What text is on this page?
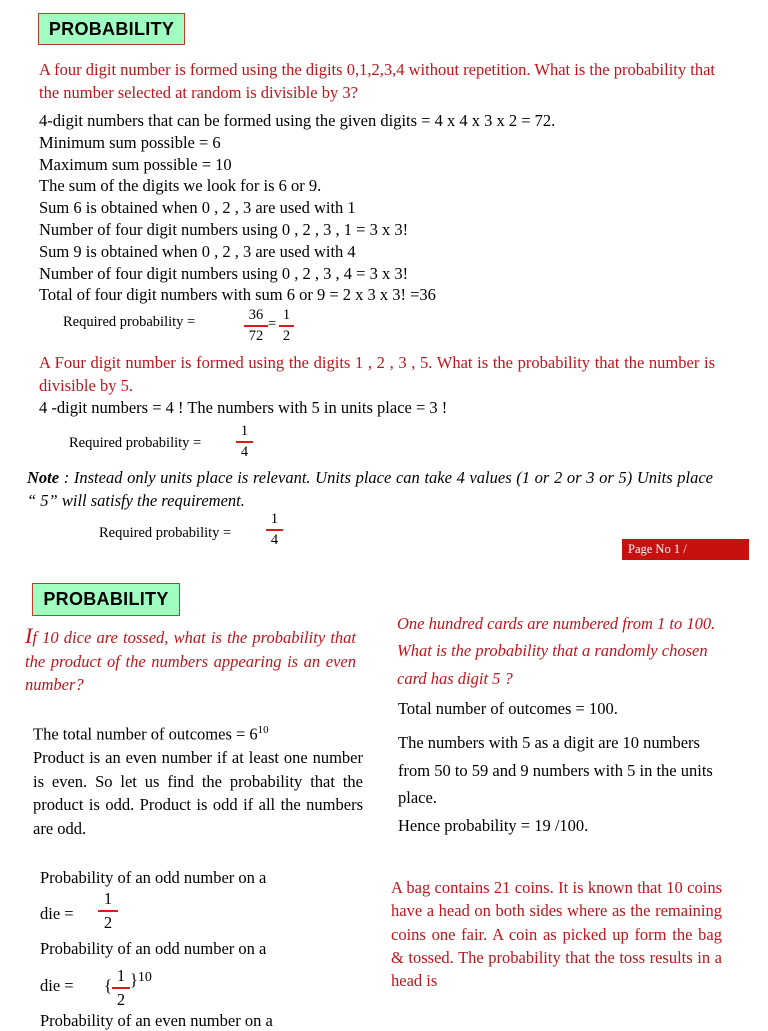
PROBABILITY
A four digit number is formed using the digits 0,1,2,3,4 without repetition. What is the probability that the number selected at random is divisible by 3?
4-digit numbers that can be formed using the given digits = 4 x 4 x 3 x 2 = 72.
Minimum sum possible = 6
Maximum sum possible = 10
The sum of the digits we look for is 6 or 9.
Sum 6 is obtained when 0 , 2 , 3 are used with 1
Number of four digit numbers using 0 , 2 , 3 , 1 = 3 x 3!
Sum 9 is obtained when 0 , 2 , 3 are used with 4
Number of four digit numbers using 0 , 2 , 3 , 4 = 3 x 3!
Total of four digit numbers with sum 6 or 9 = 2 x 3 x 3! =36
Required probability =	36
72
=
1
2
A Four digit number is formed using the digits 1 , 2 , 3 , 5. What is the probability that the number is divisible by 5.
4 -digit numbers = 4 ! The numbers with 5 in units place = 3 !
Required probability =
1
4
Note : Instead only units place is relevant. Units place can take 4 values (1 or 2 or 3 or 5) Units place “ 5” will satisfy the requirement.
Required probability =
1
4
Page No 1 /
PROBABILITY
If 10 dice are tossed, what is the probability that the product of the numbers appearing is an even number?
The total number of outcomes = $6^{10}$
Product is an even number if at least one number is even. So let us find the probability that the product is odd. Product is odd if all the numbers are odd.
Probability of an odd number on a
die =
1
2
Probability of an odd number on a
die = {
1
2
}$^{10}$
Probability of an even number on a
One hundred cards are numbered from 1 to 100. What is the probability that a randomly chosen card has digit 5 ?
Total number of outcomes = 100.
The numbers with 5 as a digit are 10 numbers from 50 to 59 and 9 numbers with 5 in the units place.
Hence probability = 19 /100.
A bag contains 21 coins. It is known that 10 coins have a head on both sides where as the remaining coins one fair. A coin as picked up form the bag & tossed. The probability that the toss results in a head is
